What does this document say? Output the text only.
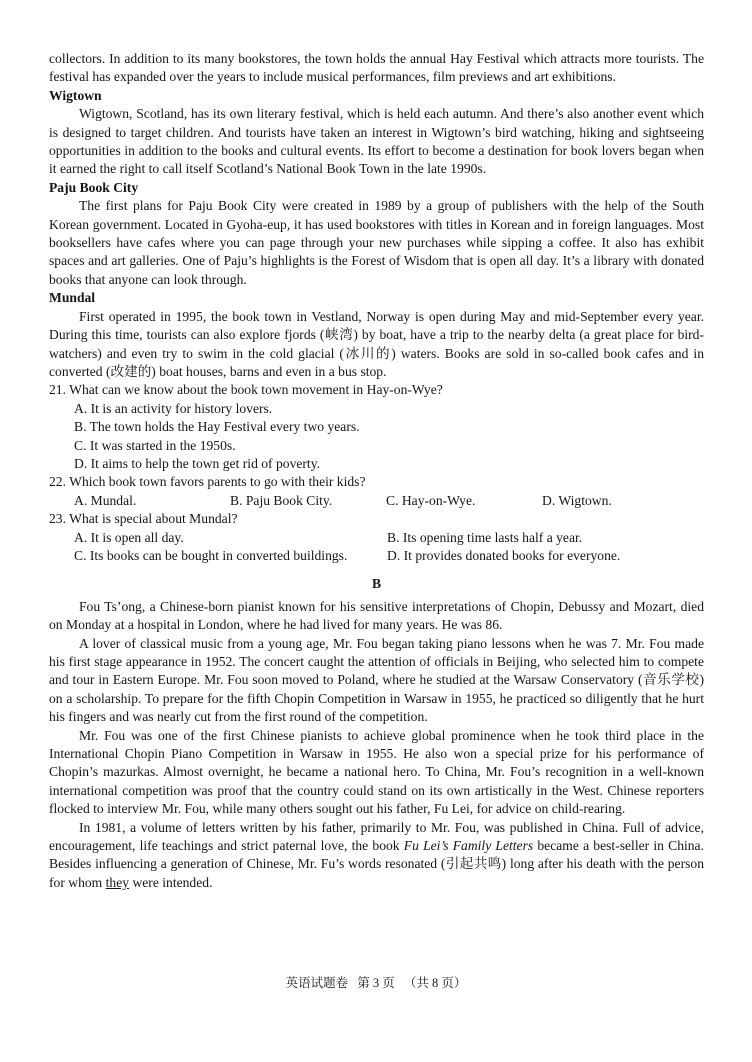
collectors. In addition to its many bookstores, the town holds the annual Hay Festival which attracts more tourists. The festival has expanded over the years to include musical performances, film previews and art exhibitions.

Wigtown

Wigtown, Scotland, has its own literary festival, which is held each autumn. And there’s also another event which is designed to target children. And tourists have taken an interest in Wigtown’s bird watching, hiking and sightseeing opportunities in addition to the books and cultural events. Its effort to become a destination for book lovers began when it earned the right to call itself Scotland’s National Book Town in the late 1990s.

Paju Book City

The first plans for Paju Book City were created in 1989 by a group of publishers with the help of the South Korean government. Located in Gyoha-eup, it has used bookstores with titles in Korean and in foreign languages. Most booksellers have cafes where you can page through your new purchases while sipping a coffee. It also has exhibit spaces and art galleries. One of Paju’s highlights is the Forest of Wisdom that is open all day. It’s a library with donated books that anyone can look through.

Mundal

First operated in 1995, the book town in Vestland, Norway is open during May and mid-September every year. During this time, tourists can also explore fjords (峡湾) by boat, have a trip to the nearby delta (a great place for bird-watchers) and even try to swim in the cold glacial (冰川的) waters. Books are sold in so-called book cafes and in converted (改建的) boat houses, barns and even in a bus stop.

21. What can we know about the book town movement in Hay-on-Wye?

A. It is an activity for history lovers.

B. The town holds the Hay Festival every two years.

C. It was started in the 1950s.

D. It aims to help the town get rid of poverty.

22. Which book town favors parents to go with their kids?

A. Mundal.	B. Paju Book City.	C. Hay-on-Wye.	D. Wigtown.

23. What is special about Mundal?

A. It is open all day.	B. Its opening time lasts half a year.
C. Its books can be bought in converted buildings.	D. It provides donated books for everyone.

B

Fou Ts’ong, a Chinese-born pianist known for his sensitive interpretations of Chopin, Debussy and Mozart, died on Monday at a hospital in London, where he had lived for many years. He was 86.

A lover of classical music from a young age, Mr. Fou began taking piano lessons when he was 7. Mr. Fou made his first stage appearance in 1952. The concert caught the attention of officials in Beijing, who selected him to compete and tour in Eastern Europe. Mr. Fou soon moved to Poland, where he studied at the Warsaw Conservatory (音乐学校) on a scholarship. To prepare for the fifth Chopin Competition in Warsaw in 1955, he practiced so diligently that he hurt his fingers and was nearly cut from the first round of the competition.

Mr. Fou was one of the first Chinese pianists to achieve global prominence when he took third place in the International Chopin Piano Competition in Warsaw in 1955. He also won a special prize for his performance of Chopin’s mazurkas. Almost overnight, he became a national hero. To China, Mr. Fou’s recognition in a well-known international competition was proof that the country could stand on its own artistically in the West. Chinese reporters flocked to interview Mr. Fou, while many others sought out his father, Fu Lei, for advice on child-rearing.

In 1981, a volume of letters written by his father, primarily to Mr. Fou, was published in China. Full of advice, encouragement, life teachings and strict paternal love, the book Fu Lei’s Family Letters became a best-seller in China. Besides influencing a generation of Chinese, Mr. Fu’s words resonated (引起共鸣) long after his death with the person for whom they were intended.

英语试题卷 第 3 页 （共 8 页）
